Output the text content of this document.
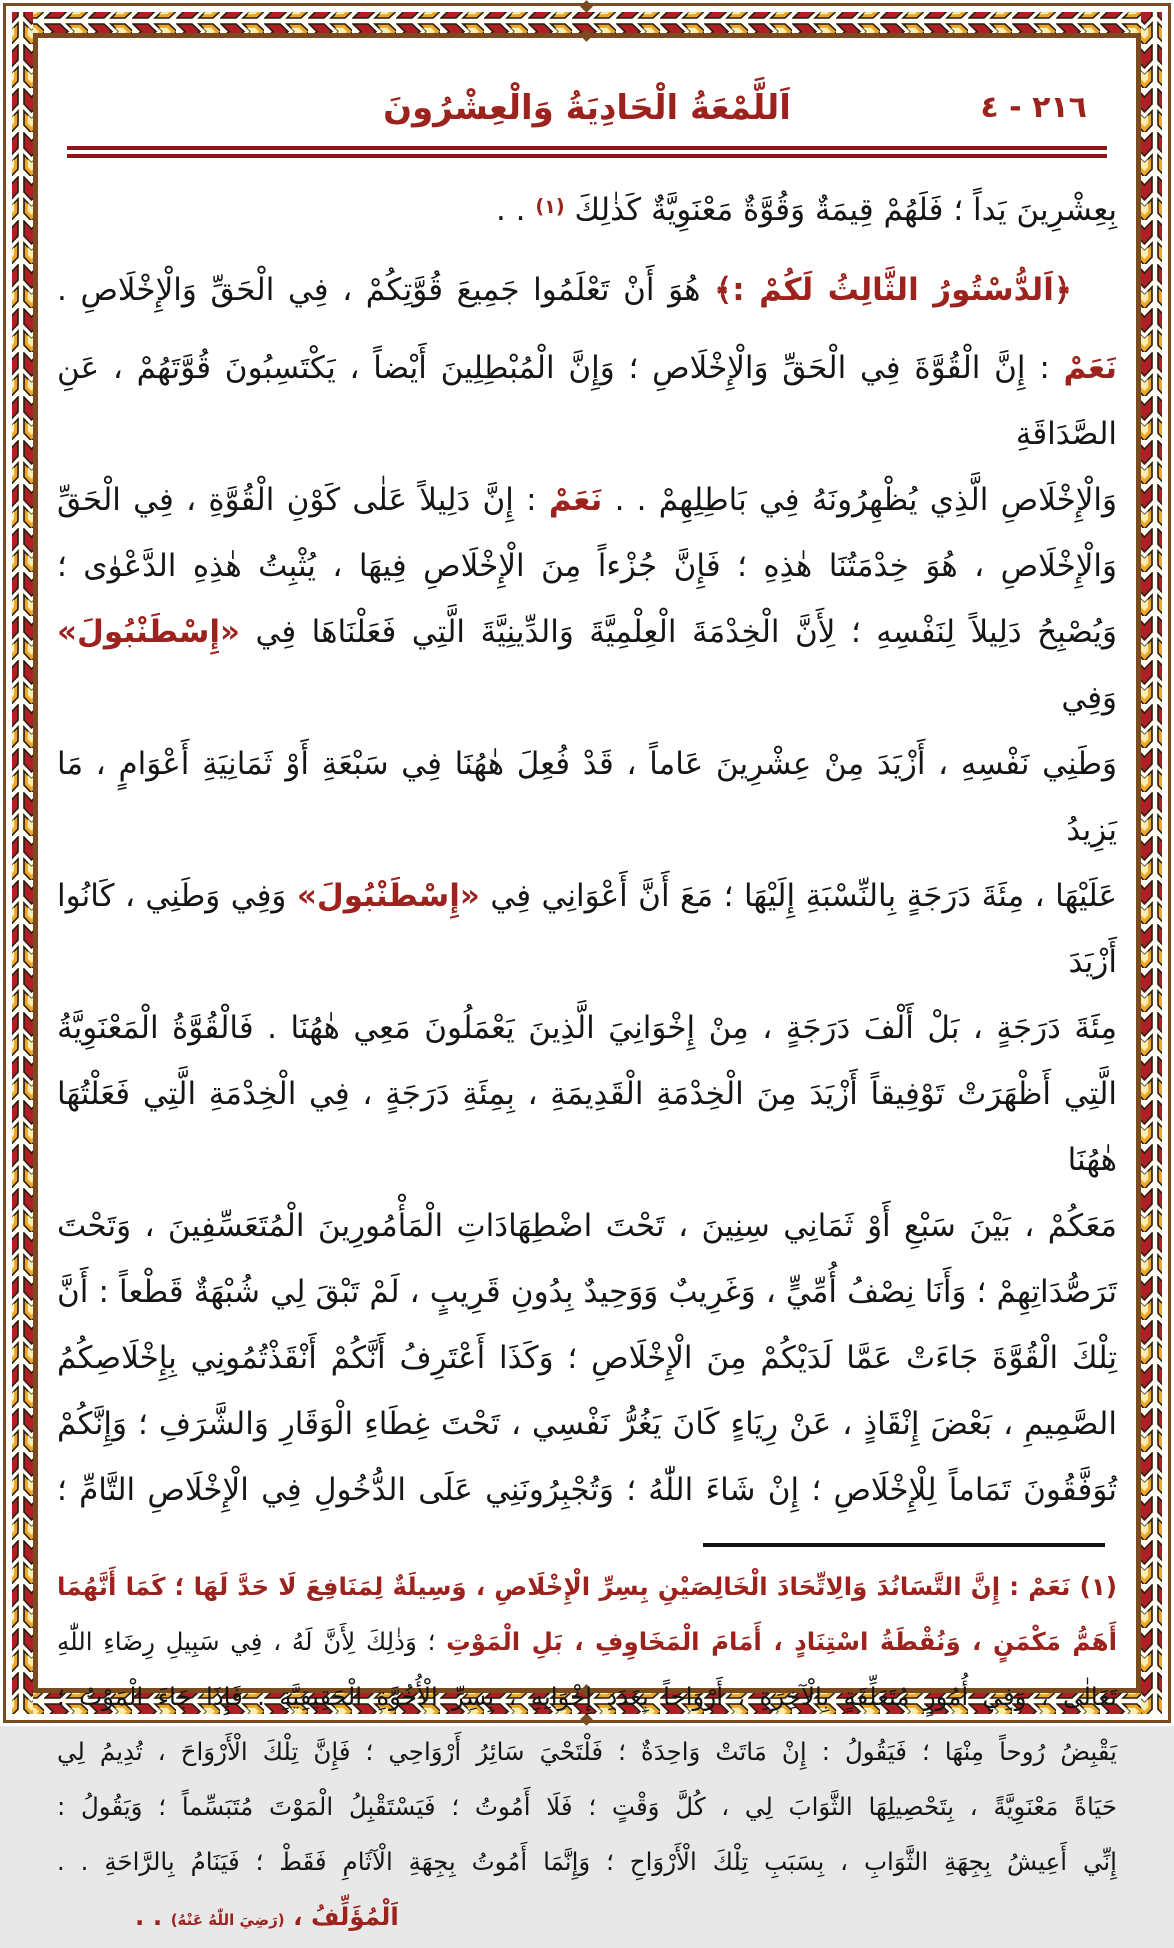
اَللَّمْعَةُ الْحَادِيَةُ وَالْعِشْرُونَ	٢١٦ - ٤
بِعِشْرِينَ يَداً ؛ فَلَهُمْ قِيمَةٌ وَقُوَّةٌ مَعْنَوِيَّةٌ كَذٰلِكَ $^{(١)}$ . .
﴿اَلدُّسْتُورُ الثَّالِثُ لَكُمْ :﴾ هُوَ أَنْ تَعْلَمُوا جَمِيعَ قُوَّتِكُمْ ، فِي الْحَقِّ وَالْإِخْلَاصِ .
نَعَمْ : إِنَّ الْقُوَّةَ فِي الْحَقِّ وَالْإِخْلَاصِ ؛ وَإِنَّ الْمُبْطِلِينَ أَيْضاً ، يَكْتَسِبُونَ قُوَّتَهُمْ ، عَنِ الصَّدَاقَةِ
وَالْإِخْلَاصِ الَّذِي يُظْهِرُونَهُ فِي بَاطِلِهِمْ . . نَعَمْ : إِنَّ دَلِيلاً عَلٰى كَوْنِ الْقُوَّةِ ، فِي الْحَقِّ
وَالْإِخْلَاصِ ، هُوَ خِدْمَتُنَا هٰذِهِ ؛ فَإِنَّ جُزْءاً مِنَ الْإِخْلَاصِ فِيهَا ، يُثْبِتُ هٰذِهِ الدَّعْوٰى ؛
وَيُصْبِحُ دَلِيلاً لِنَفْسِهِ ؛ لِأَنَّ الْخِدْمَةَ الْعِلْمِيَّةَ وَالدِّينِيَّةَ الَّتِي فَعَلْنَاهَا فِي «إِسْطَنْبُولَ» وَفِي
وَطَنِي نَفْسِهِ ، أَزْيَدَ مِنْ عِشْرِينَ عَاماً ، قَدْ فُعِلَ هٰهُنَا فِي سَبْعَةِ أَوْ ثَمَانِيَةِ أَعْوَامٍ ، مَا يَزِيدُ
عَلَيْهَا ، مِئَةَ دَرَجَةٍ بِالنِّسْبَةِ إِلَيْهَا ؛ مَعَ أَنَّ أَعْوَانِي فِي «إِسْطَنْبُولَ» وَفِي وَطَنِي ، كَانُوا أَزْيَدَ
مِئَةَ دَرَجَةٍ ، بَلْ أَلْفَ دَرَجَةٍ ، مِنْ إِخْوَانِيَ الَّذِينَ يَعْمَلُونَ مَعِي هٰهُنَا . فَالْقُوَّةُ الْمَعْنَوِيَّةُ
الَّتِي أَظْهَرَتْ تَوْفِيقاً أَزْيَدَ مِنَ الْخِدْمَةِ الْقَدِيمَةِ ، بِمِئَةِ دَرَجَةٍ ، فِي الْخِدْمَةِ الَّتِي فَعَلْتُهَا هٰهُنَا
مَعَكُمْ ، بَيْنَ سَبْعِ أَوْ ثَمَانِي سِنِينَ ، تَحْتَ اضْطِهَادَاتِ الْمَأْمُورِينَ الْمُتَعَسِّفِينَ ، وَتَحْتَ
تَرَصُّدَاتِهِمْ ؛ وَأَنَا نِصْفُ أُمِّيٍّ ، وَغَرِيبٌ وَوَحِيدٌ بِدُونِ قَرِيبٍ ، لَمْ تَبْقَ لِي شُبْهَةٌ قَطْعاً : أَنَّ
تِلْكَ الْقُوَّةَ جَاءَتْ عَمَّا لَدَيْكُمْ مِنَ الْإِخْلَاصِ ؛ وَكَذَا أَعْتَرِفُ أَنَّكُمْ أَنْقَذْتُمُونِي بِإِخْلَاصِكُمُ
الصَّمِيمِ ، بَعْضَ إِنْقَاذٍ ، عَنْ رِيَاءٍ كَانَ يَغُرُّ نَفْسِي ، تَحْتَ غِطَاءِ الْوَقَارِ وَالشَّرَفِ ؛ وَإِنَّكُمْ
تُوَفَّقُونَ تَمَاماً لِلْإِخْلَاصِ ؛ إِنْ شَاءَ اللّٰهُ ؛ وَتُجْبِرُونَنِي عَلَى الدُّخُولِ فِي الْإِخْلَاصِ التَّامِّ ؛
(١) نَعَمْ : إِنَّ التَّسَانُدَ وَالِاتِّحَادَ الْخَالِصَيْنِ بِسِرِّ الْإِخْلَاصِ ، وَسِيلَةٌ لِمَنَافِعَ لَا حَدَّ لَهَا ؛ كَمَا أَنَّهُمَا
أَهَمُّ مَكْمَنٍ ، وَنُقْطَةُ اسْتِنَادٍ ، أَمَامَ الْمَخَاوِفِ ، بَلِ الْمَوْتِ ؛ وَذٰلِكَ لِأَنَّ لَهُ ، فِي سَبِيلِ رِضَاءِ اللّٰهِ
تَعَالٰى ، وَفِي أُمُورٍ مُتَعَلِّقَةٍ بِالْآخِرَةِ ، أَرْوَاحاً بِعَدَدِ إِخْوَانِهِ ، بِسِرِّ الْأُخُوَّةِ الْحَقِيقِيَّةِ . فَإِذَا جَاءَ الْمَوْتُ ؛
يَقْبِضُ رُوحاً مِنْهَا ؛ فَيَقُولُ : إِنْ مَاتَتْ وَاحِدَةٌ ؛ فَلْتَحْيَ سَائِرُ أَرْوَاحِي ؛ فَإِنَّ تِلْكَ الْأَرْوَاحَ ، تُدِيمُ لِي
حَيَاةً مَعْنَوِيَّةً ، بِتَحْصِيلِهَا الثَّوَابَ لِي ، كُلَّ وَقْتٍ ؛ فَلَا أَمُوتُ ؛ فَيَسْتَقْبِلُ الْمَوْتَ مُتَبَسِّماً ؛ وَيَقُولُ :
إِنِّي أَعِيشُ بِجِهَةِ الثَّوَابِ ، بِسَبَبِ تِلْكَ الْأَرْوَاحِ ؛ وَإِنَّمَا أَمُوتُ بِجِهَةِ الْآثَامِ فَقَطْ ؛ فَيَنَامُ بِالرَّاحَةِ . .
اَلْمُؤَلِّفُ ، (رَضِيَ اللّٰهُ عَنْهُ) . .
